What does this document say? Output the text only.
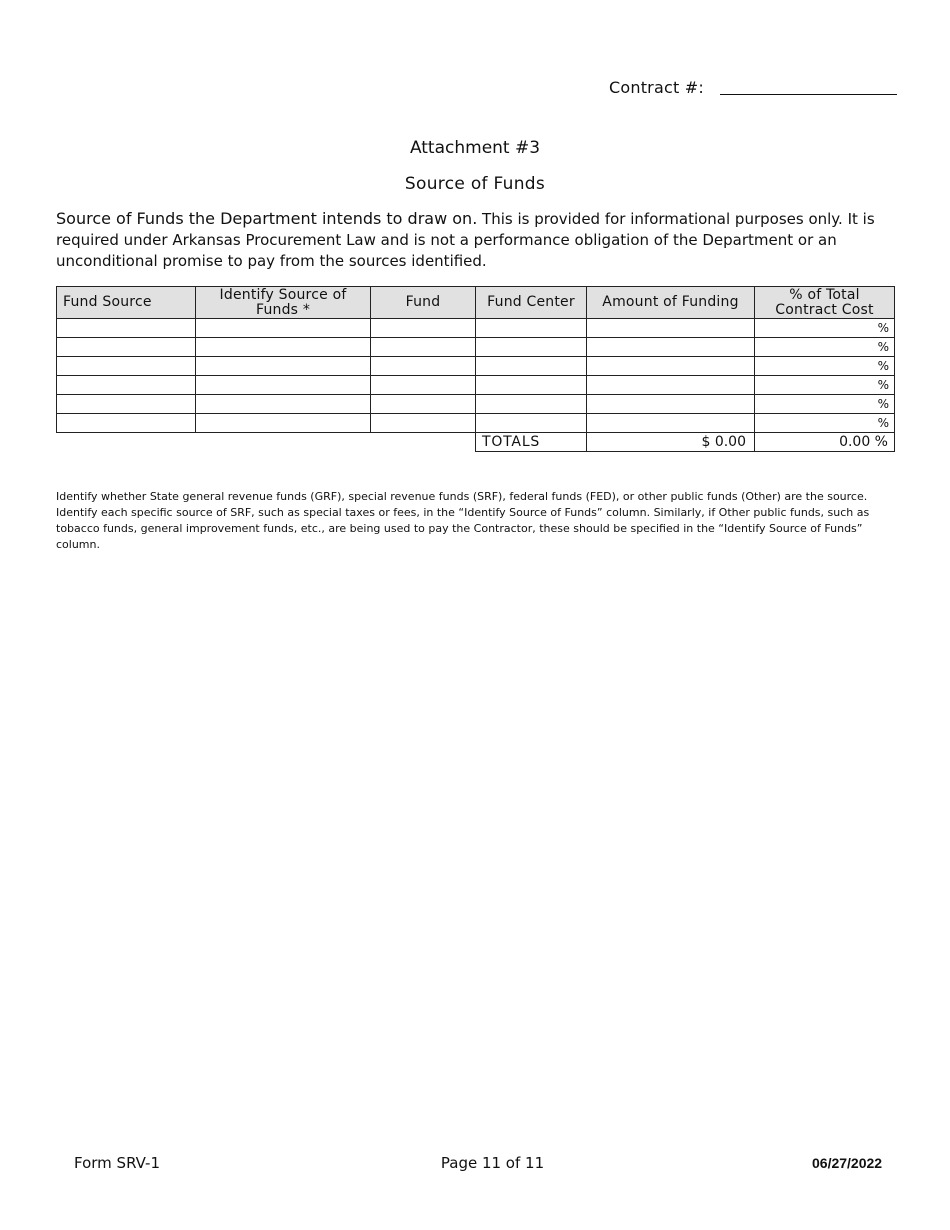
Contract #:
Attachment #3
Source of Funds
Source of Funds the Department intends to draw on. This is provided for informational purposes only. It is required under Arkansas Procurement Law and is not a performance obligation of the Department or an unconditional promise to pay from the sources identified.
Fund Source	Identify Source of Funds *	Fund	Fund Center	Amount of Funding	% of Total Contract Cost
					%
					%
					%
					%
					%
					%
			TOTALS	$ 0.00	0.00 %
Identify whether State general revenue funds (GRF), special revenue funds (SRF), federal funds (FED), or other public funds (Other) are the source. Identify each specific source of SRF, such as special taxes or fees, in the “Identify Source of Funds” column. Similarly, if Other public funds, such as tobacco funds, general improvement funds, etc., are being used to pay the Contractor, these should be specified in the “Identify Source of Funds” column.
Form SRV-1	Page 11 of 11	06/27/2022
